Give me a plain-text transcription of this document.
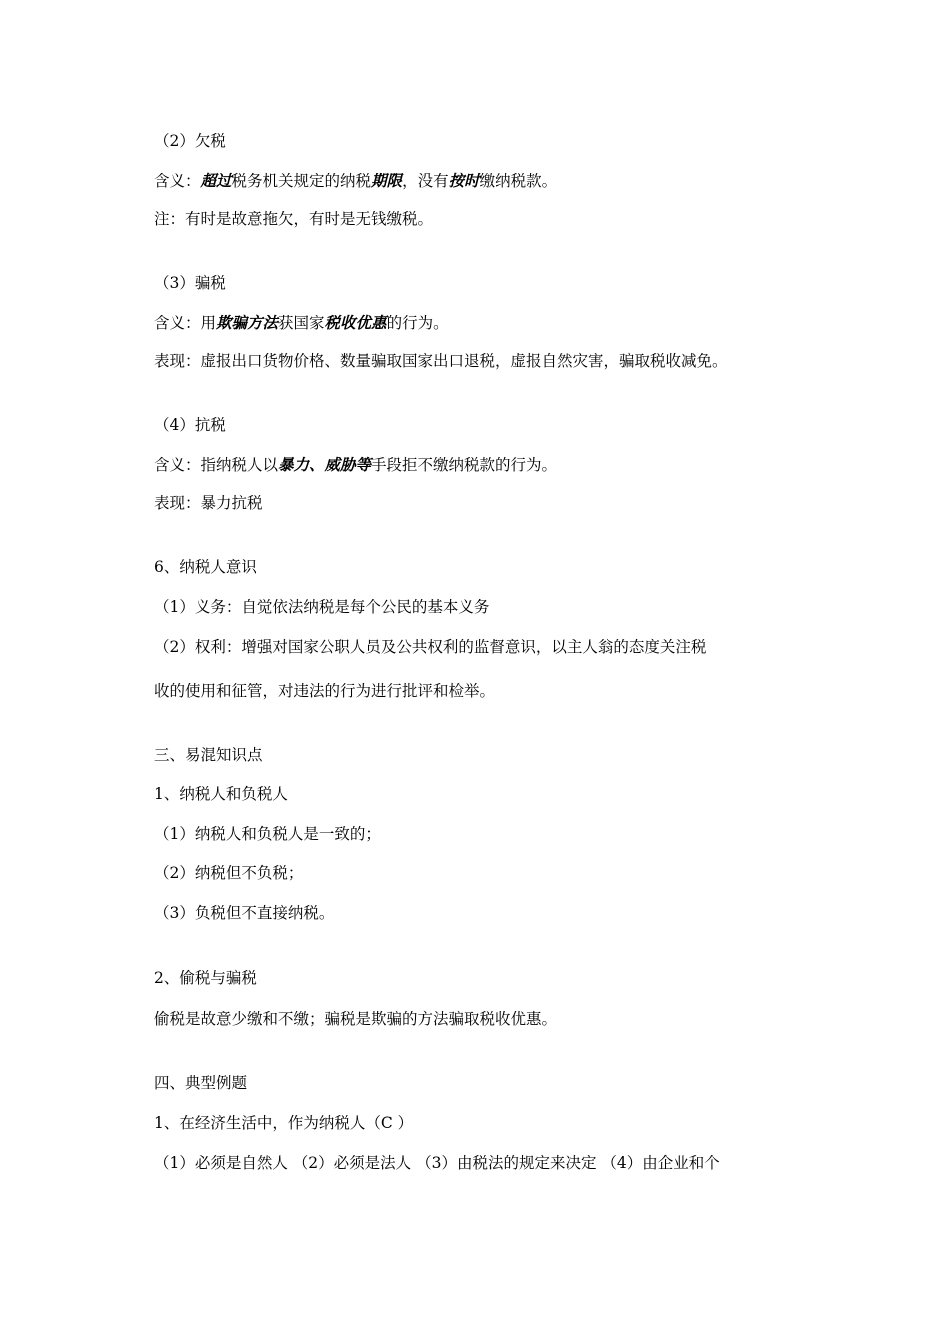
（2）欠税
含义：超过税务机关规定的纳税期限，没有按时缴纳税款。
注：有时是故意拖欠，有时是无钱缴税。
（3）骗税
含义：用欺骗方法获国家税收优惠的行为。
表现：虚报出口货物价格、数量骗取国家出口退税，虚报自然灾害，骗取税收减免。
（4）抗税
含义：指纳税人以暴力、威胁等手段拒不缴纳税款的行为。
表现：暴力抗税
6、纳税人意识
（1）义务：自觉依法纳税是每个公民的基本义务
（2）权利：增强对国家公职人员及公共权利的监督意识，以主人翁的态度关注税
收的使用和征管，对违法的行为进行批评和检举。
三、易混知识点
1、纳税人和负税人
（1）纳税人和负税人是一致的；
（2）纳税但不负税；
（3）负税但不直接纳税。
2、偷税与骗税
偷税是故意少缴和不缴；骗税是欺骗的方法骗取税收优惠。
四、典型例题
1、在经济生活中，作为纳税人（C ）
（1）必须是自然人 （2）必须是法人 （3）由税法的规定来决定 （4）由企业和个
